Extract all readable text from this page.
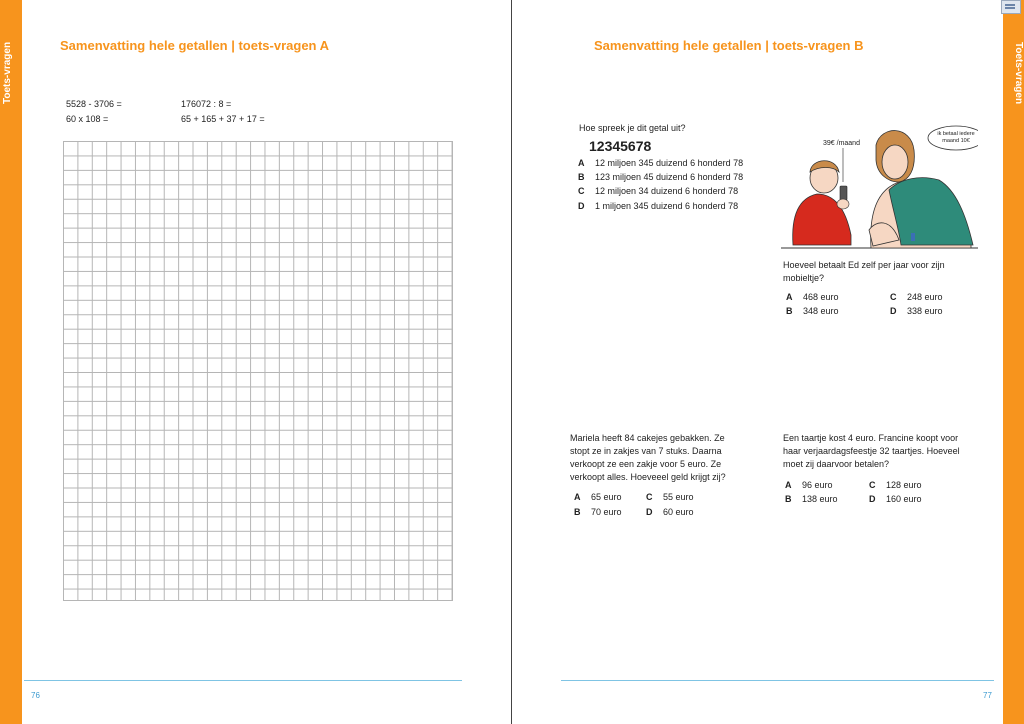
Toets-vragen	Samenvatting hele getallen | toets-vragen A
5528 - 3706 =	176072 : 8 =
60 x 108 =	65 + 165 + 37 + 17 =
76
Toets-vragen
Samenvatting hele getallen | toets-vragen B
Hoe spreek je dit getal uit?
12345678
A 12 miljoen 345 duizend 6 honderd 78
B 123 miljoen 45 duizend 6 honderd 78
C 12 miljoen 34 duizend 6 honderd 78
D 1 miljoen 345 duizend 6 honderd 78
39€ /maand
ik betaal iedere
maand 10€
Hoeveel betaalt Ed zelf per jaar voor zijn
mobieltje?
A 468 euro	C 248 euro
B 348 euro	D 338 euro
Mariela heeft 84 cakejes gebakken. Ze
stopt ze in zakjes van 7 stuks. Daarna
verkoopt ze een zakje voor 5 euro. Ze
verkoopt alles. Hoeveeel geld krijgt zij?
A 65 euro	C 55 euro
B 70 euro	D 60 euro
Een taartje kost 4 euro. Francine koopt voor
haar verjaardagsfeestje 32 taartjes. Hoeveel
moet zij daarvoor betalen?
A 96 euro	C 128 euro
B 138 euro	D 160 euro
77
